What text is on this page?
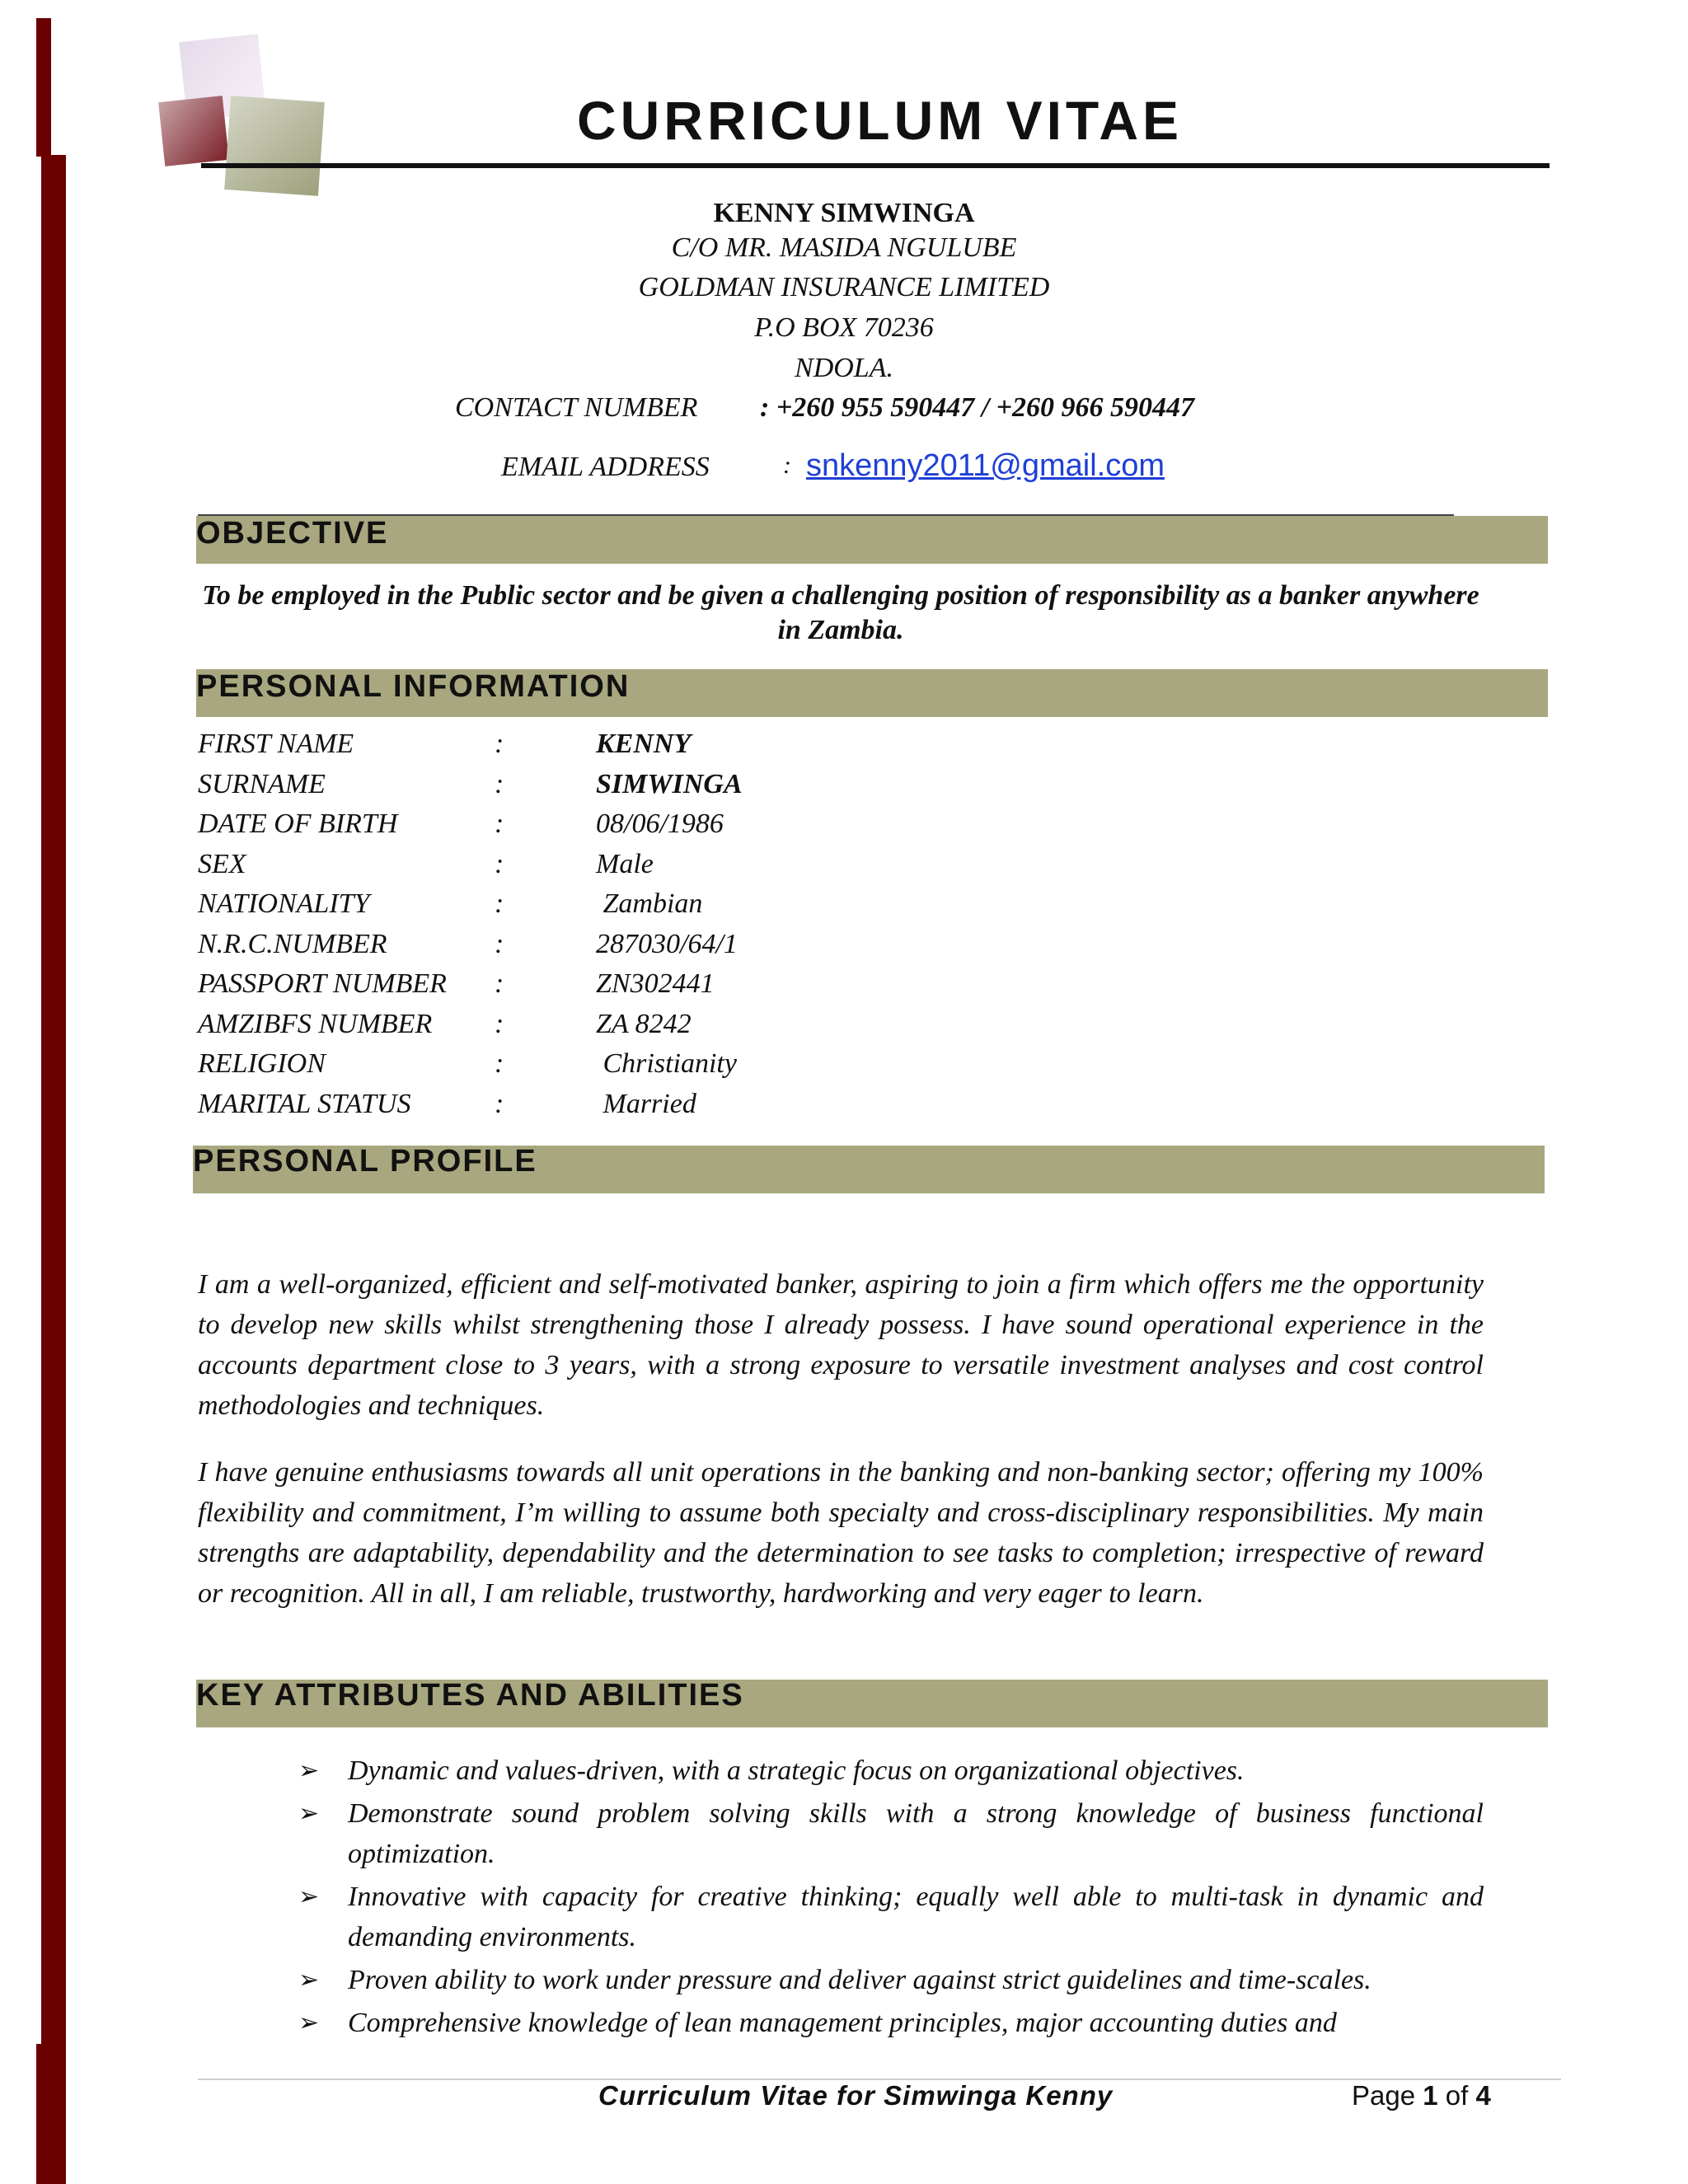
CURRICULUM VITAE
KENNY SIMWINGA
C/O MR. MASIDA NGULUBE
GOLDMAN INSURANCE LIMITED
P.O BOX 70236
NDOLA.
CONTACT NUMBER : +260 955 590447 / +260 966 590447
EMAIL ADDRESS	: snkenny2011@gmail.com
OBJECTIVE

To be employed in the Public sector and be given a challenging position of responsibility as a banker anywhere in Zambia.

PERSONAL INFORMATION
FIRST NAME	:	KENNY
SURNAME	:	SIMWINGA
DATE OF BIRTH	:	08/06/1986
SEX	:	Male
NATIONALITY	:	Zambian
N.R.C.NUMBER	:	287030/64/1
PASSPORT NUMBER :	ZN302441
AMZIBFS NUMBER :	ZA 8242
RELIGION	:	Christianity
MARITAL STATUS	:	Married
PERSONAL PROFILE

I am a well-organized, efficient and self-motivated banker, aspiring to join a firm which offers me the opportunity to develop new skills whilst strengthening those I already possess. I have sound operational experience in the accounts department close to 3 years, with a strong exposure to versatile investment analyses and cost control methodologies and techniques.

I have genuine enthusiasms towards all unit operations in the banking and non-banking sector; offering my 100% flexibility and commitment, I’m willing to assume both specialty and cross-disciplinary responsibilities. My main strengths are adaptability, dependability and the determination to see tasks to completion; irrespective of reward or recognition. All in all, I am reliable, trustworthy, hardworking and very eager to learn.

KEY ATTRIBUTES AND ABILITIES
➢ Dynamic and values-driven, with a strategic focus on organizational objectives.
➢ Demonstrate sound problem solving skills with a strong knowledge of business functional optimization.
➢ Innovative with capacity for creative thinking; equally well able to multi-task in dynamic and demanding environments.
➢ Proven ability to work under pressure and deliver against strict guidelines and time-scales.
➢ Comprehensive knowledge of lean management principles, major accounting duties and
Curriculum Vitae for Simwinga Kenny	Page 1 of 4
